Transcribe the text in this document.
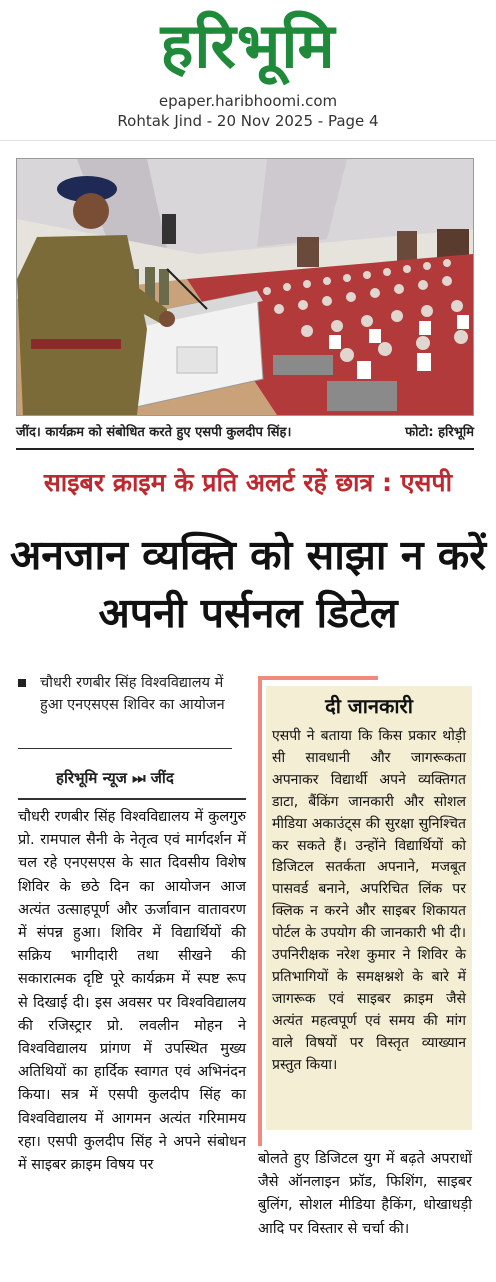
हरिभूमि
epaper.haribhoomi.com
Rohtak Jind - 20 Nov 2025 - Page 4
जींद। कार्यक्रम को संबोधित करते हुए एसपी कुलदीप सिंह।	फोटो: हरिभूमि
साइबर क्राइम के प्रति अलर्ट रहें छात्र : एसपी
अनजान व्यक्ति को साझा न करें अपनी पर्सनल डिटेल
चौधरी रणबीर सिंह विश्वविद्यालय में हुआ एनएसएस शिविर का आयोजन
हरिभूमि न्यूज ⏭ जींद
चौधरी रणबीर सिंह विश्वविद्यालय में कुलगुरु प्रो. रामपाल सैनी के नेतृत्व एवं मार्गदर्शन में चल रहे एनएसएस के सात दिवसीय विशेष शिविर के छठे दिन का आयोजन आज अत्यंत उत्साहपूर्ण और ऊर्जावान वातावरण में संपन्न हुआ। शिविर में विद्यार्थियों की सक्रिय भागीदारी तथा सीखने की सकारात्मक दृष्टि पूरे कार्यक्रम में स्पष्ट रूप से दिखाई दी। इस अवसर पर विश्वविद्यालय की रजिस्ट्रार प्रो. लवलीन मोहन ने विश्वविद्यालय प्रांगण में उपस्थित मुख्य अतिथियों का हार्दिक स्वागत एवं अभिनंदन किया। सत्र में एसपी कुलदीप सिंह का विश्वविद्यालय में आगमन अत्यंत गरिमामय रहा। एसपी कुलदीप सिंह ने अपने संबोधन में साइबर क्राइम विषय पर
दी जानकारी
एसपी ने बताया कि किस प्रकार थोड़ी सी सावधानी और जागरूकता अपनाकर विद्यार्थी अपने व्यक्तिगत डाटा, बैंकिंग जानकारी और सोशल मीडिया अकाउंट्स की सुरक्षा सुनिश्चित कर सकते हैं। उन्होंने विद्यार्थियों को डिजिटल सतर्कता अपनाने, मजबूत पासवर्ड बनाने, अपरिचित लिंक पर क्लिक न करने और साइबर शिकायत पोर्टल के उपयोग की जानकारी भी दी। उपनिरीक्षक नरेश कुमार ने शिविर के प्रतिभागियों के समक्षश्नशे के बारे में जागरूक एवं साइबर क्राइम जैसे अत्यंत महत्वपूर्ण एवं समय की मांग वाले विषयों पर विस्तृत व्याख्यान प्रस्तुत किया।
बोलते हुए डिजिटल युग में बढ़ते अपराधों जैसे ऑनलाइन फ्रॉड, फिशिंग, साइबर बुलिंग, सोशल मीडिया हैकिंग, धोखाधड़ी आदि पर विस्तार से चर्चा की।
